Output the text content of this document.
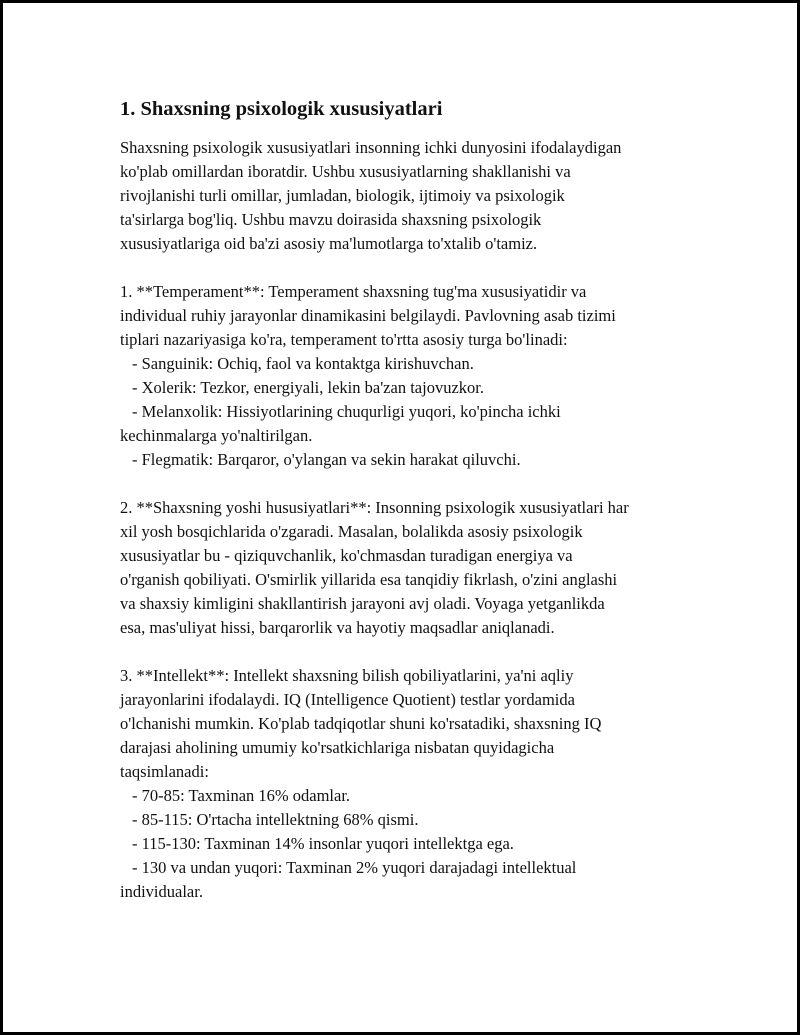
1. Shaxsning psixologik xususiyatlari

Shaxsning psixologik xususiyatlari insonning ichki dunyosini ifodalaydigan
ko'plab omillardan iboratdir. Ushbu xususiyatlarning shakllanishi va
rivojlanishi turli omillar, jumladan, biologik, ijtimoiy va psixologik
ta'sirlarga bog'liq. Ushbu mavzu doirasida shaxsning psixologik
xususiyatlariga oid ba'zi asosiy ma'lumotlarga to'xtalib o'tamiz.

1. **Temperament**: Temperament shaxsning tug'ma xususiyatidir va
individual ruhiy jarayonlar dinamikasini belgilaydi. Pavlovning asab tizimi
tiplari nazariyasiga ko'ra, temperament to'rtta asosiy turga bo'linadi:
- Sanguinik: Ochiq, faol va kontaktga kirishuvchan.
- Xolerik: Tezkor, energiyali, lekin ba'zan tajovuzkor.
- Melanxolik: Hissiyotlarining chuqurligi yuqori, ko'pincha ichki
kechinmalarga yo'naltirilgan.
- Flegmatik: Barqaror, o'ylangan va sekin harakat qiluvchi.

2. **Shaxsning yoshi hususiyatlari**: Insonning psixologik xususiyatlari har
xil yosh bosqichlarida o'zgaradi. Masalan, bolalikda asosiy psixologik
xususiyatlar bu - qiziquvchanlik, ko'chmasdan turadigan energiya va
o'rganish qobiliyati. O'smirlik yillarida esa tanqidiy fikrlash, o'zini anglashi
va shaxsiy kimligini shakllantirish jarayoni avj oladi. Voyaga yetganlikda
esa, mas'uliyat hissi, barqarorlik va hayotiy maqsadlar aniqlanadi.

3. **Intellekt**: Intellekt shaxsning bilish qobiliyatlarini, ya'ni aqliy
jarayonlarini ifodalaydi. IQ (Intelligence Quotient) testlar yordamida
o'lchanishi mumkin. Ko'plab tadqiqotlar shuni ko'rsatadiki, shaxsning IQ
darajasi aholining umumiy ko'rsatkichlariga nisbatan quyidagicha
taqsimlanadi:
- 70-85: Taxminan 16% odamlar.
- 85-115: O'rtacha intellektning 68% qismi.
- 115-130: Taxminan 14% insonlar yuqori intellektga ega.
- 130 va undan yuqori: Taxminan 2% yuqori darajadagi intellektual
individualar.
